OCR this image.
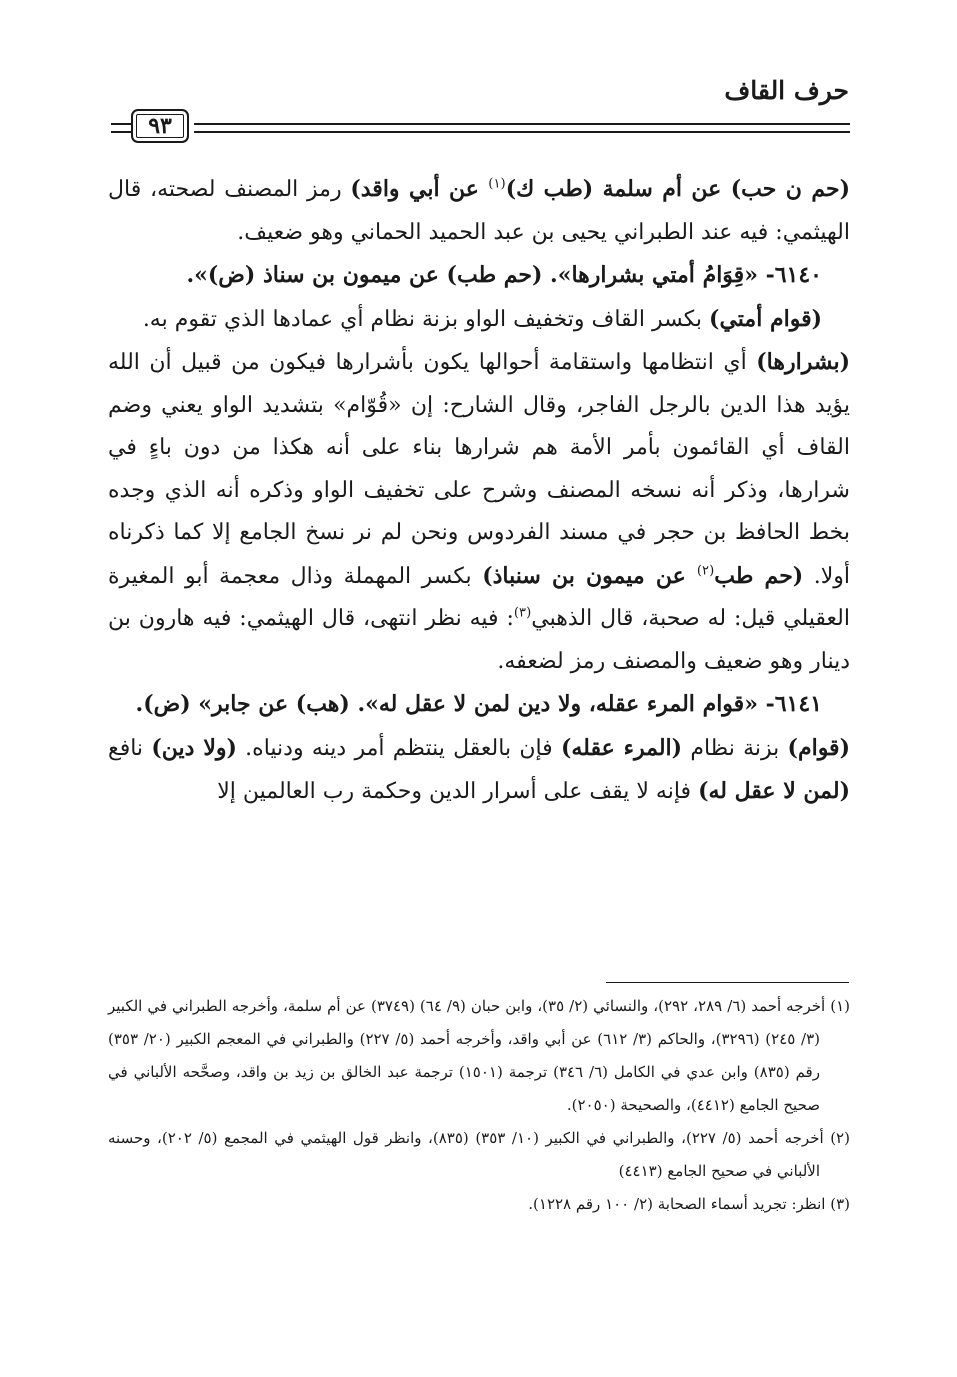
حرف القاف
٩٣

(حم ن حب) عن أم سلمة (طب ك)$^{(١)}$ عن أبي واقد) رمز المصنف لصحته، قال الهيثمي: فيه عند الطبراني يحيى بن عبد الحميد الحماني وهو ضعيف.

٦١٤٠- «قِوَامُ أمتي بشرارها». (حم طب) عن ميمون بن سناذ (ض)».

(قوام أمتي) بكسر القاف وتخفيف الواو بزنة نظام أي عمادها الذي تقوم به.

(بشرارها) أي انتظامها واستقامة أحوالها يكون بأشرارها فيكون من قبيل أن الله يؤيد هذا الدين بالرجل الفاجر، وقال الشارح: إن «قُوّام» بتشديد الواو يعني وضم القاف أي القائمون بأمر الأمة هم شرارها بناء على أنه هكذا من دون باءٍ في شرارها، وذكر أنه نسخه المصنف وشرح على تخفيف الواو وذكره أنه الذي وجده بخط الحافظ بن حجر في مسند الفردوس ونحن لم نر نسخ الجامع إلا كما ذكرناه أولا. (حم طب$^{(٢)}$ عن ميمون بن سنباذ) بكسر المهملة وذال معجمة أبو المغيرة العقيلي قيل: له صحبة، قال الذهبي$^{(٣)}$: فيه نظر انتهى، قال الهيثمي: فيه هارون بن دينار وهو ضعيف والمصنف رمز لضعفه.

٦١٤١- «قوام المرء عقله، ولا دين لمن لا عقل له». (هب) عن جابر» (ض).

(قوام) بزنة نظام (المرء عقله) فإن بالعقل ينتظم أمر دينه ودنياه. (ولا دين) نافع (لمن لا عقل له) فإنه لا يقف على أسرار الدين وحكمة رب العالمين إلا

(١) أخرجه أحمد (٦/ ٢٨٩، ٢٩٢)، والنسائي (٢/ ٣٥)، وابن حبان (٩/ ٦٤) (٣٧٤٩) عن أم سلمة، وأخرجه الطبراني في الكبير (٣/ ٢٤٥) (٣٢٩٦)، والحاكم (٣/ ٦١٢) عن أبي واقد، وأخرجه أحمد (٥/ ٢٢٧) والطبراني في المعجم الكبير (٢٠/ ٣٥٣) رقم (٨٣٥) وابن عدي في الكامل (٦/ ٣٤٦) ترجمة (١٥٠١) ترجمة عبد الخالق بن زيد بن واقد، وصحَّحه الألباني في صحيح الجامع (٤٤١٢)، والصحيحة (٢٠٥٠).

(٢) أخرجه أحمد (٥/ ٢٢٧)، والطبراني في الكبير (١٠/ ٣٥٣) (٨٣٥)، وانظر قول الهيثمي في المجمع (٥/ ٢٠٢)، وحسنه الألباني في صحيح الجامع (٤٤١٣)

(٣) انظر: تجريد أسماء الصحابة (٢/ ١٠٠ رقم ١٢٢٨).
